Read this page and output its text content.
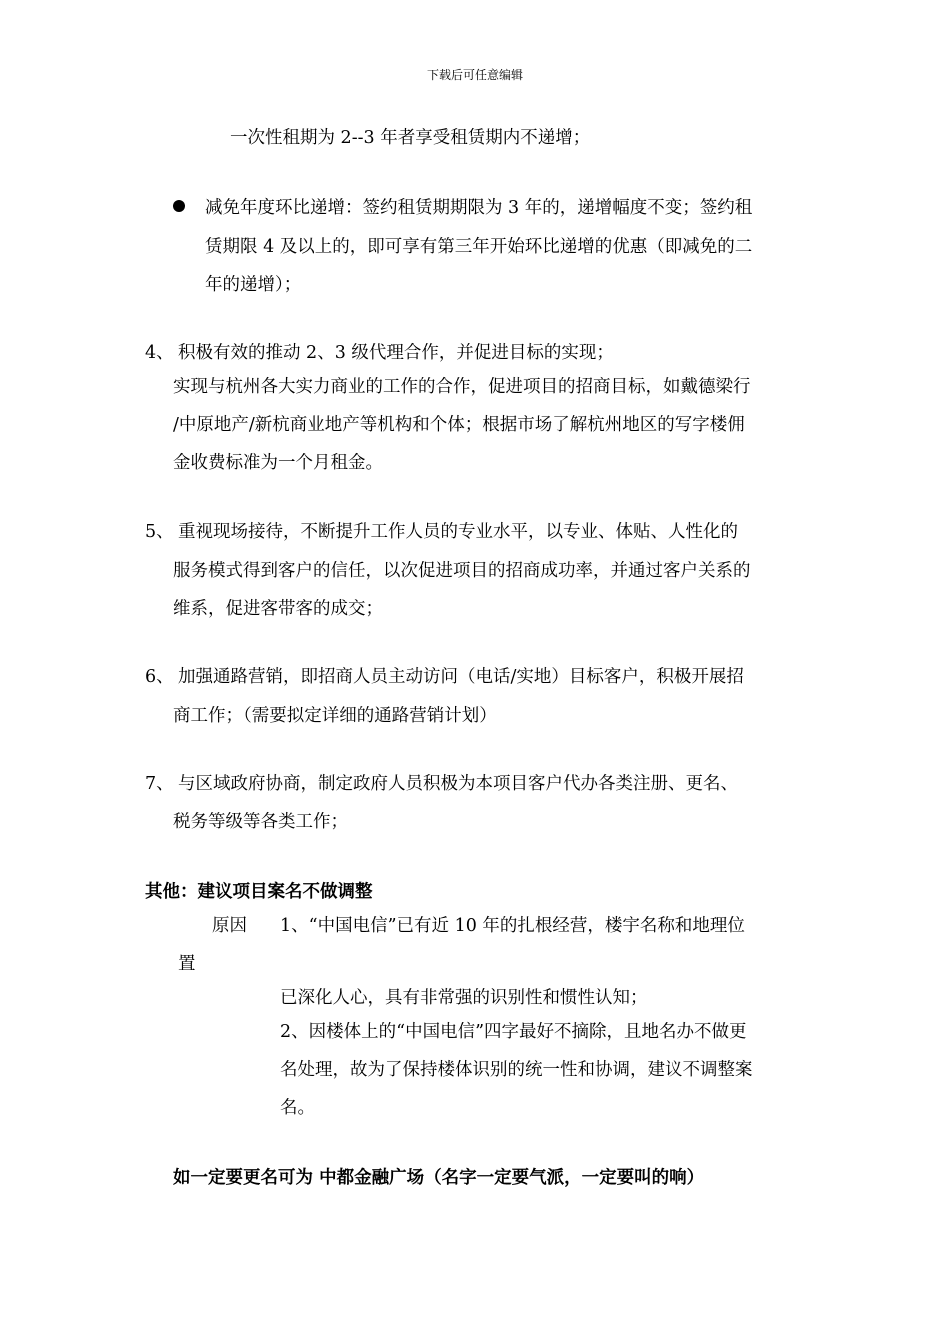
下载后可任意编辑
一次性租期为 2--3 年者享受租赁期内不递增；
减免年度环比递增：签约租赁期期限为 3 年的，递增幅度不变；签约租
赁期限 4 及以上的，即可享有第三年开始环比递增的优惠（即减免的二
年的递增）；
4、 积极有效的推动 2、3 级代理合作，并促进目标的实现；
实现与杭州各大实力商业的工作的合作，促进项目的招商目标，如戴德梁行
/中原地产/新杭商业地产等机构和个体；根据市场了解杭州地区的写字楼佣
金收费标准为一个月租金。
5、 重视现场接待，不断提升工作人员的专业水平，以专业、体贴、人性化的
服务模式得到客户的信任，以次促进项目的招商成功率，并通过客户关系的
维系，促进客带客的成交；
6、 加强通路营销，即招商人员主动访问（电话/实地）目标客户，积极开展招
商工作；（需要拟定详细的通路营销计划）
7、 与区域政府协商，制定政府人员积极为本项目客户代办各类注册、更名、
税务等级等各类工作；
其他：建议项目案名不做调整
原因 1、“中国电信”已有近 10 年的扎根经营，楼宇名称和地理位
置
已深化人心，具有非常强的识别性和惯性认知；
2、因楼体上的“中国电信”四字最好不摘除，且地名办不做更
名处理，故为了保持楼体识别的统一性和协调，建议不调整案
名。
如一定要更名可为 中都金融广场（名字一定要气派，一定要叫的响）
